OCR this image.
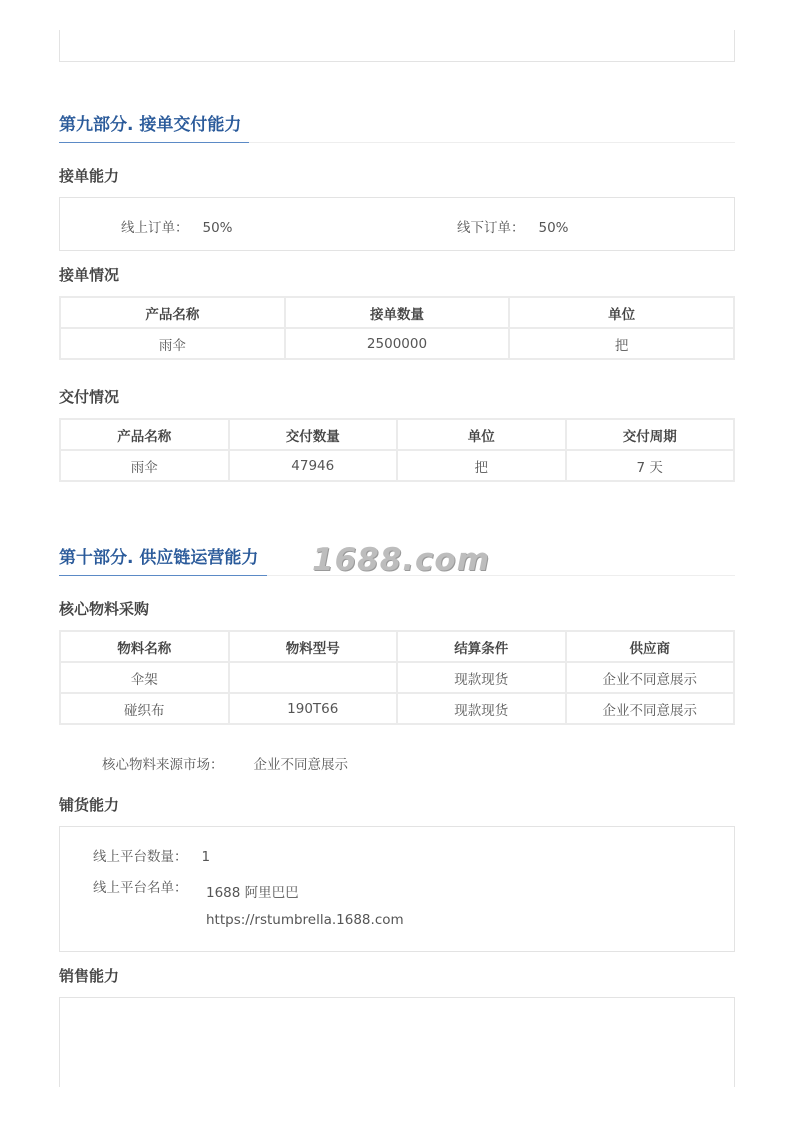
第九部分. 接单交付能力
接单能力
线上订单： 50%	线下订单： 50%
接单情况
产品名称	接单数量	单位
雨伞	2500000	把
交付情况
产品名称	交付数量	单位	交付周期
雨伞	47946	把	7 天
第十部分. 供应链运营能力 1688.com
核心物料采购
物料名称	物料型号	结算条件	供应商
伞架		现款现货	企业不同意展示
碰织布	190T66	现款现货	企业不同意展示
核心物料来源市场： 企业不同意展示
铺货能力
线上平台数量： 1
线上平台名单： 1688 阿里巴巴
https://rstumbrella.1688.com
销售能力
